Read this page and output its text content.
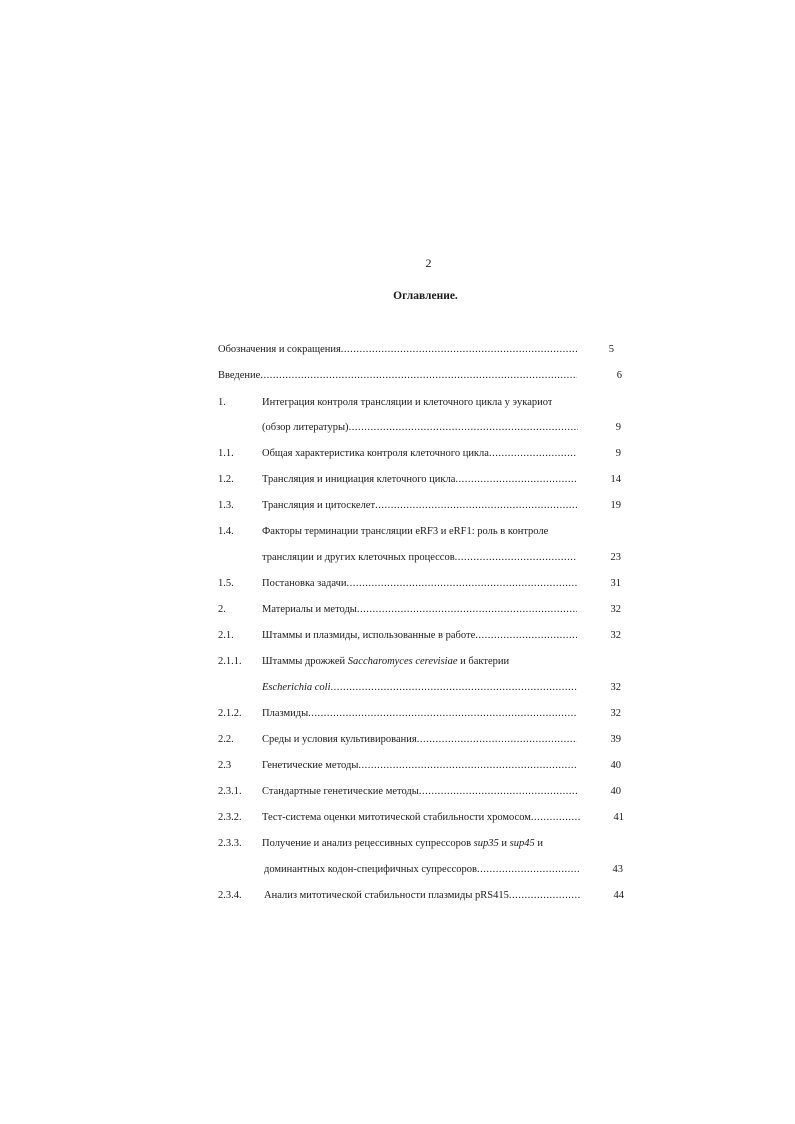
2
Оглавление.
Обозначения и сокращения .....	5
Введение .....	6
1.	Интеграция контроля трансляции и клеточного цикла у эукариот
(обзор литературы) .....	9
1.1.	Общая характеристика контроля клеточного цикла .....	9
1.2.	Трансляция и инициация клеточного цикла .....	14
1.3.	Трансляция и цитоскелет .....	19
1.4.	Факторы терминации трансляции eRF3 и eRF1: роль в контроле
трансляции и других клеточных процессов .....	23
1.5.	Постановка задачи .....	31
2.	Материалы и методы .....	32
2.1.	Штаммы и плазмиды, использованные в работе .....	32
2.1.1. Штаммы дрожжей Saccharomyces cerevisiae и бактерии
Escherichia coli .....	32
2.1.2. Плазмиды .....	32
2.2.	Среды и условия культивирования .....	39
2.3	Генетические методы .....	40
2.3.1. Стандартные генетические методы .....	40
2.3.2. Тест-система оценки митотической стабильности хромосом .....	41
2.3.3. Получение и анализ рецессивных супрессоров sup35 и sup45 и
доминантных кодон-специфичных супрессоров .....	43
2.3.4. Анализ митотической стабильности плазмиды pRS415 .....	44
